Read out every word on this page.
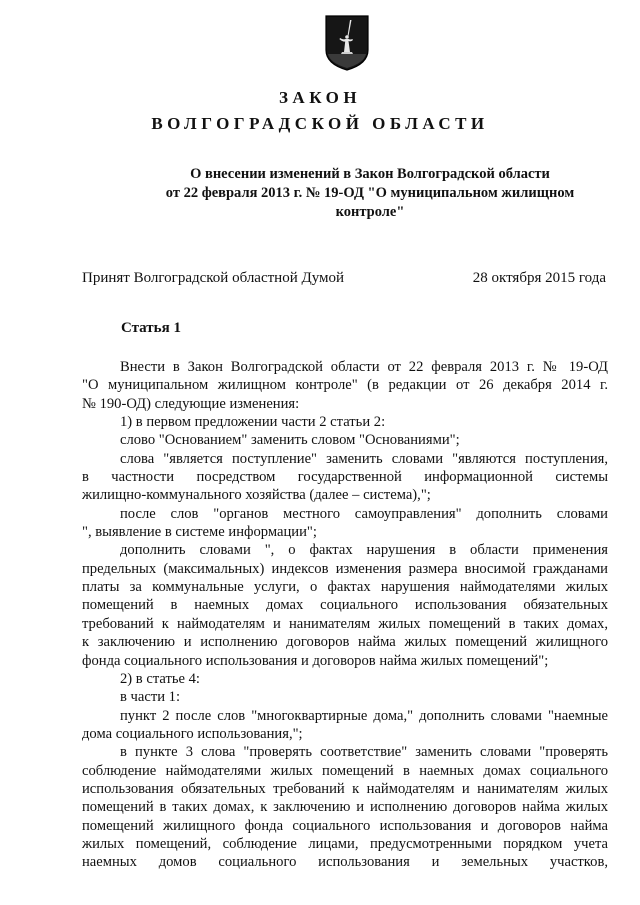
ЗАКОН
ВОЛГОГРАДСКОЙ ОБЛАСТИ
О внесении изменений в Закон Волгоградской области
от 22 февраля 2013 г. № 19-ОД "О муниципальном жилищном
контроле"
Принят Волгоградской областной Думой	28 октября 2015 года
Статья 1
Внести в Закон Волгоградской области от 22 февраля 2013 г. № 19-ОД
"О муниципальном жилищном контроле" (в редакции от 26 декабря 2014 г.
№ 190-ОД) следующие изменения:
1) в первом предложении части 2 статьи 2:
слово "Основанием" заменить словом "Основаниями";
слова "является поступление" заменить словами "являются поступления,
в частности посредством государственной информационной системы
жилищно-коммунального хозяйства (далее – система),";
после слов "органов местного самоуправления" дополнить словами
", выявление в системе информации";
дополнить словами ", о фактах нарушения в области применения
предельных (максимальных) индексов изменения размера вносимой гражданами
платы за коммунальные услуги, о фактах нарушения наймодателями жилых
помещений в наемных домах социального использования обязательных
требований к наймодателям и нанимателям жилых помещений в таких домах,
к заключению и исполнению договоров найма жилых помещений жилищного
фонда социального использования и договоров найма жилых помещений";
2) в статье 4:
в части 1:
пункт 2 после слов "многоквартирные дома," дополнить словами "наемные
дома социального использования,";
в пункте 3 слова "проверять соответствие" заменить словами "проверять
соблюдение наймодателями жилых помещений в наемных домах социального
использования обязательных требований к наймодателям и нанимателям жилых
помещений в таких домах, к заключению и исполнению договоров найма жилых
помещений жилищного фонда социального использования и договоров найма
жилых помещений, соблюдение лицами, предусмотренными порядком учета
наемных домов социального использования и земельных участков,
